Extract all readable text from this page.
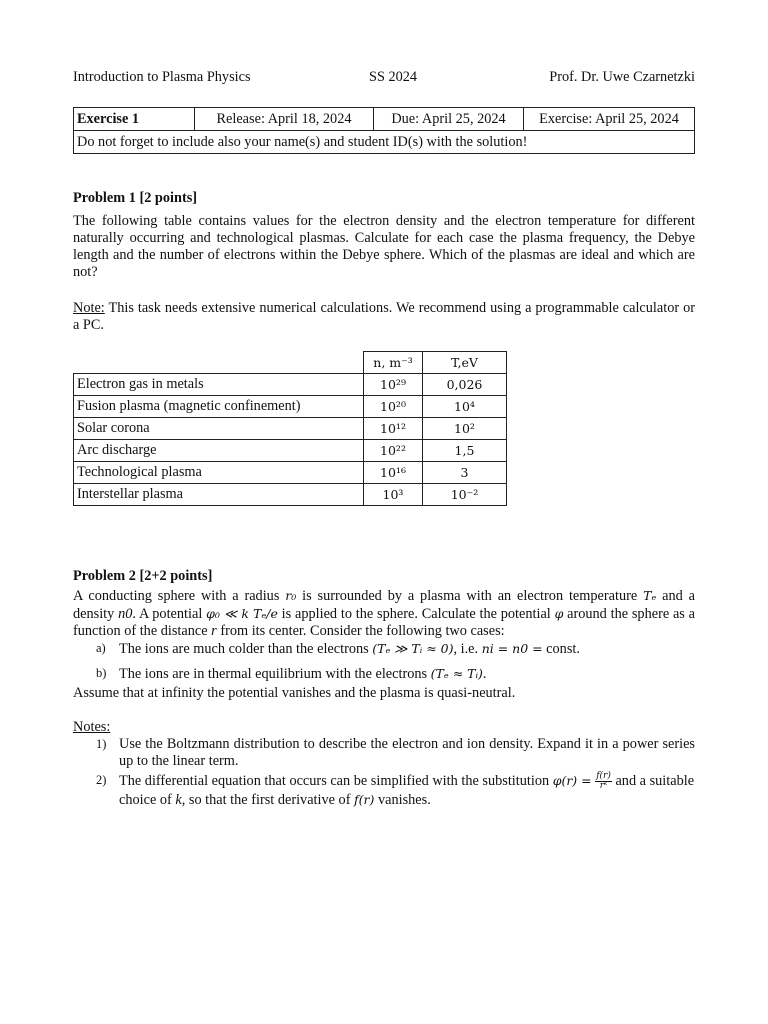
Introduction to Plasma Physics	SS 2024	Prof. Dr. Uwe Czarnetzki
Exercise 1	Release: April 18, 2024	Due: April 25, 2024	Exercise: April 25, 2024
Do not forget to include also your name(s) and student ID(s) with the solution!
Problem 1 [2 points]
The following table contains values for the electron density and the electron temperature for different naturally occurring and technological plasmas. Calculate for each case the plasma frequency, the Debye length and the number of electrons within the Debye sphere. Which of the plasmas are ideal and which are not?
Note: This task needs extensive numerical calculations. We recommend using a programmable calculator or a PC.
	n, m⁻³	T,eV
Electron gas in metals	10²⁹	0,026
Fusion plasma (magnetic confinement)	10²⁰	10⁴
Solar corona	10¹²	10²
Arc discharge	10²²	1,5
Technological plasma	10¹⁶	3
Interstellar plasma	10³	10⁻²
Problem 2 [2+2 points]
A conducting sphere with a radius r₀ is surrounded by a plasma with an electron temperature Tₑ and a density n0. A potential φ₀ ≪ k Tₑ/e is applied to the sphere. Calculate the potential φ around the sphere as a function of the distance r from its center. Consider the following two cases:
a) The ions are much colder than the electrons (Tₑ ≫ Tᵢ ≈ 0), i.e. ni = n0 = const.
b) The ions are in thermal equilibrium with the electrons (Tₑ ≈ Tᵢ).
Assume that at infinity the potential vanishes and the plasma is quasi-neutral.
Notes:
1) Use the Boltzmann distribution to describe the electron and ion density. Expand it in a power series up to the linear term.
2) The differential equation that occurs can be simplified with the substitution $\varphi(r) = \frac{f(r)}{\text{rᵏ}}$ and a suitable choice of k, so that the first derivative of f(r) vanishes.
